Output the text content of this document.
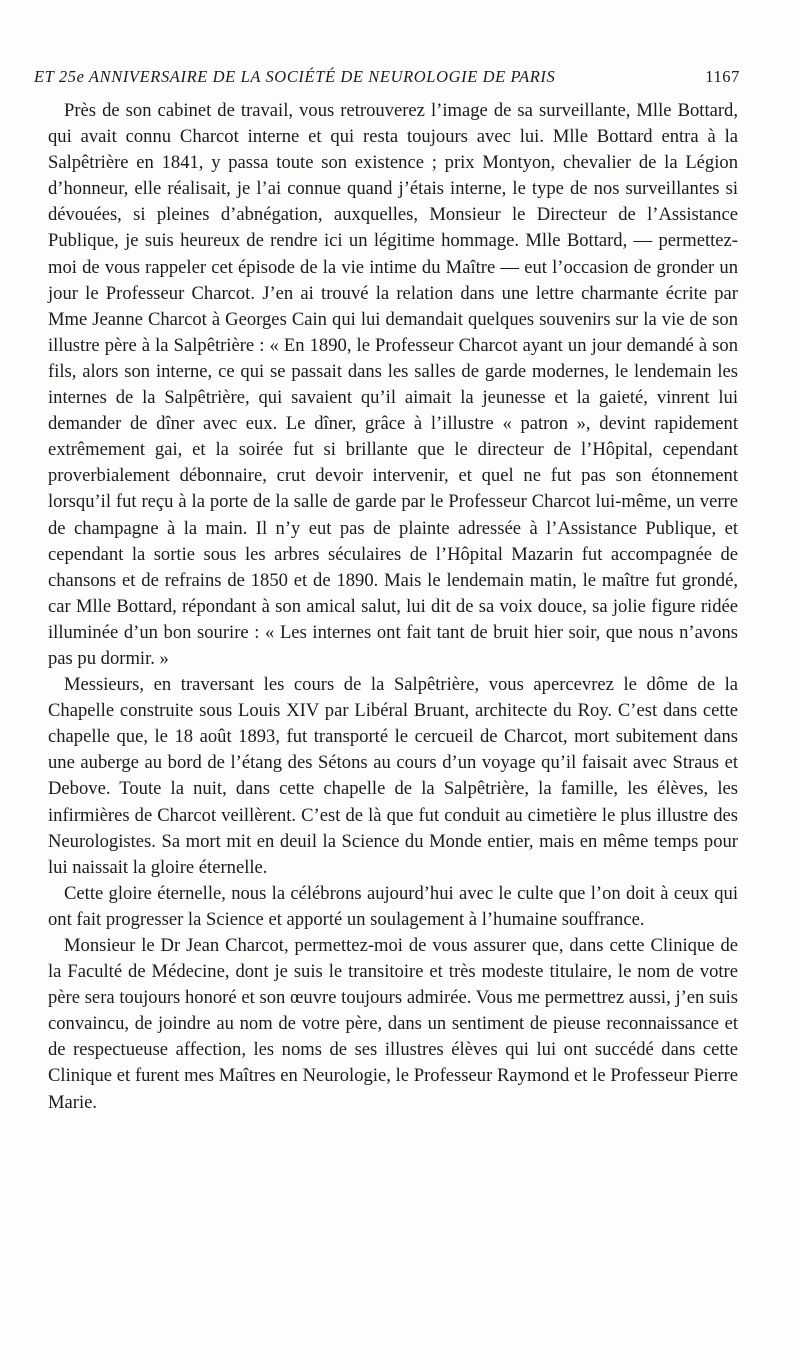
ET 25e ANNIVERSAIRE DE LA SOCIÉTÉ DE NEUROLOGIE DE PARIS	1167

Près de son cabinet de travail, vous retrouverez l’image de sa surveillante, Mlle Bottard, qui avait connu Charcot interne et qui resta toujours avec lui. Mlle Bottard entra à la Salpêtrière en 1841, y passa toute son existence ; prix Montyon, chevalier de la Légion d’honneur, elle réalisait, je l’ai connue quand j’étais interne, le type de nos surveillantes si dévouées, si pleines d’abnégation, auxquelles, Monsieur le Directeur de l’Assistance Publique, je suis heureux de rendre ici un légitime hommage. Mlle Bottard, — permettez-moi de vous rappeler cet épisode de la vie intime du Maître — eut l’occasion de gronder un jour le Professeur Charcot. J’en ai trouvé la relation dans une lettre charmante écrite par Mme Jeanne Charcot à Georges Cain qui lui demandait quelques souvenirs sur la vie de son illustre père à la Salpêtrière : « En 1890, le Professeur Charcot ayant un jour demandé à son fils, alors son interne, ce qui se passait dans les salles de garde modernes, le lendemain les internes de la Salpêtrière, qui savaient qu’il aimait la jeunesse et la gaieté, vinrent lui demander de dîner avec eux. Le dîner, grâce à l’illustre « patron », devint rapidement extrêmement gai, et la soirée fut si brillante que le directeur de l’Hôpital, cependant proverbialement débonnaire, crut devoir intervenir, et quel ne fut pas son étonnement lorsqu’il fut reçu à la porte de la salle de garde par le Professeur Charcot lui-même, un verre de champagne à la main. Il n’y eut pas de plainte adressée à l’Assistance Publique, et cependant la sortie sous les arbres séculaires de l’Hôpital Mazarin fut accompagnée de chansons et de refrains de 1850 et de 1890. Mais le lendemain matin, le maître fut grondé, car Mlle Bottard, répondant à son amical salut, lui dit de sa voix douce, sa jolie figure ridée illuminée d’un bon sourire : « Les internes ont fait tant de bruit hier soir, que nous n’avons pas pu dormir. »

Messieurs, en traversant les cours de la Salpêtrière, vous apercevrez le dôme de la Chapelle construite sous Louis XIV par Libéral Bruant, architecte du Roy. C’est dans cette chapelle que, le 18 août 1893, fut transporté le cercueil de Charcot, mort subitement dans une auberge au bord de l’étang des Sétons au cours d’un voyage qu’il faisait avec Straus et Debove. Toute la nuit, dans cette chapelle de la Salpêtrière, la famille, les élèves, les infirmières de Charcot veillèrent. C’est de là que fut conduit au cimetière le plus illustre des Neurologistes. Sa mort mit en deuil la Science du Monde entier, mais en même temps pour lui naissait la gloire éternelle.

Cette gloire éternelle, nous la célébrons aujourd’hui avec le culte que l’on doit à ceux qui ont fait progresser la Science et apporté un soulagement à l’humaine souffrance.

Monsieur le Dr Jean Charcot, permettez-moi de vous assurer que, dans cette Clinique de la Faculté de Médecine, dont je suis le transitoire et très modeste titulaire, le nom de votre père sera toujours honoré et son œuvre toujours admirée. Vous me permettrez aussi, j’en suis convaincu, de joindre au nom de votre père, dans un sentiment de pieuse reconnaissance et de respectueuse affection, les noms de ses illustres élèves qui lui ont succédé dans cette Clinique et furent mes Maîtres en Neurologie, le Professeur Raymond et le Professeur Pierre Marie.
